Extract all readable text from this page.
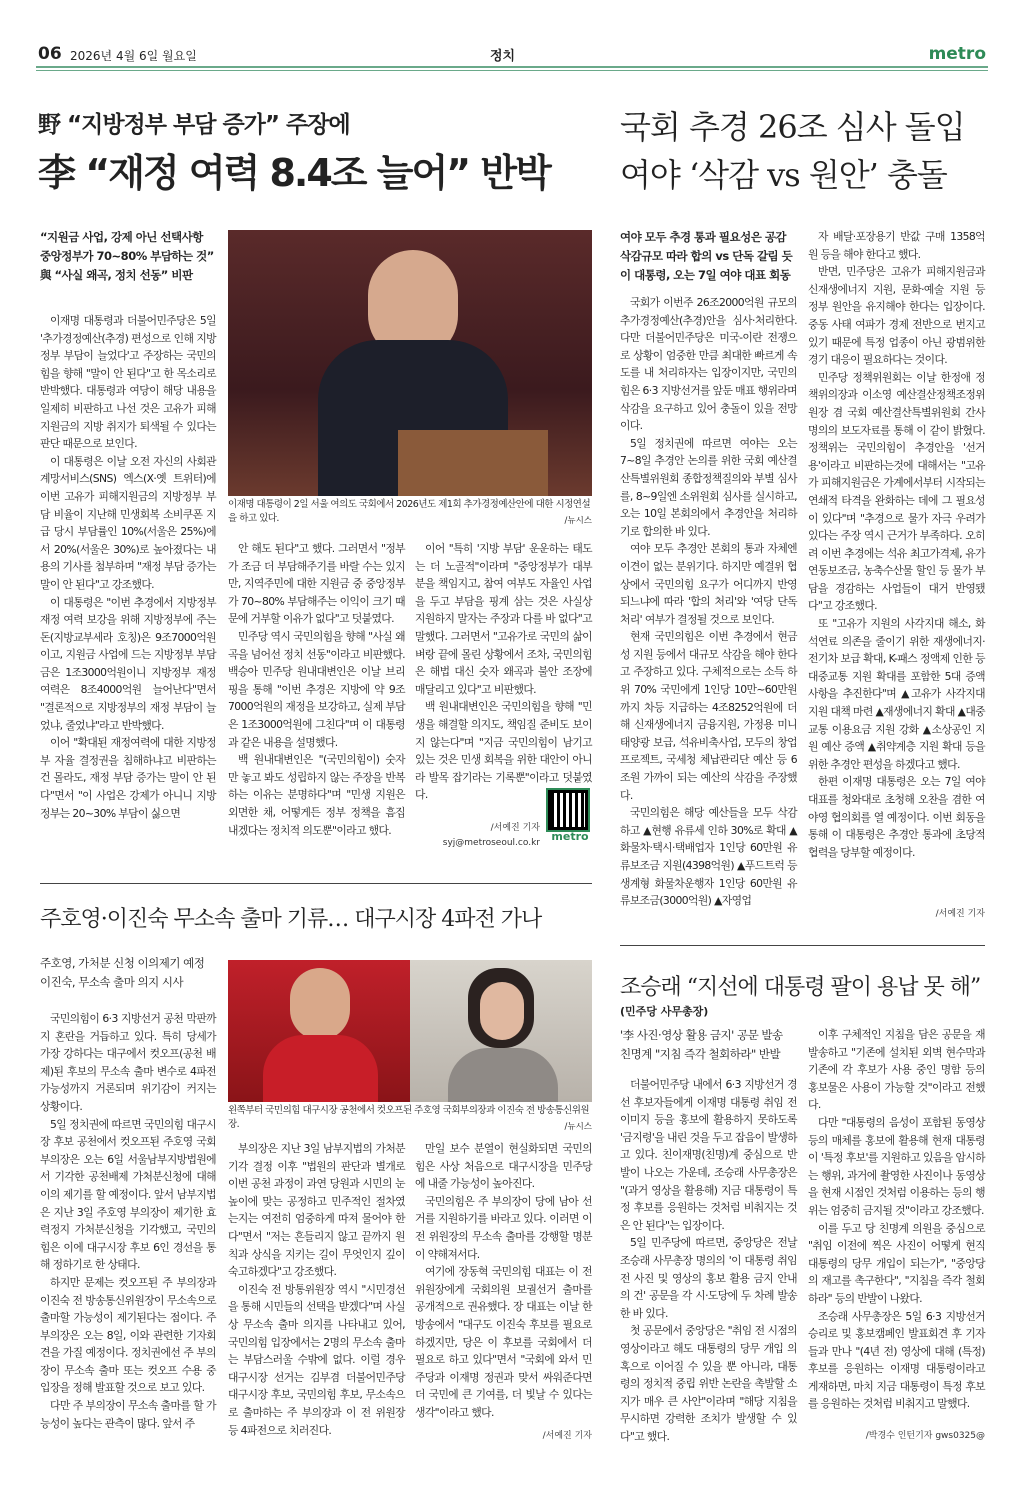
06 2026년 4월 6일 월요일	정치	metro
野 “지방정부 부담 증가” 주장에
李 “재정 여력 8.4조 늘어” 반박
“지원금 사업, 강제 아닌 선택사항
중앙정부가 70~80% 부담하는 것”
與 “사실 왜곡, 정치 선동” 비판

이재명 대통령과 더불어민주당은 5일 '추가경정예산(추경) 편성으로 인해 지방 정부 부담이 늘었다'고 주장하는 국민의힘을 향해 "말이 안 된다"고 한 목소리로 반박했다. 대통령과 여당이 해당 내용을 일제히 비판하고 나선 것은 고유가 피해지원금의 지방 취지가 퇴색될 수 있다는 판단 때문으로 보인다.

이 대통령은 이날 오전 자신의 사회관계망서비스(SNS) 엑스(X·옛 트위터)에 이번 고유가 피해지원금의 지방정부 부담 비율이 지난해 민생회복 소비쿠폰 지급 당시 부담률인 10%(서울은 25%)에서 20%(서울은 30%)로 높아졌다는 내용의 기사를 첨부하며 "재정 부담 증가는 말이 안 된다"고 강조했다.

이 대통령은 "이번 추경에서 지방정부 재정 여력 보강을 위해 지방정부에 주는 돈(지방교부세라 호칭)은 9조7000억원이고, 지원금 사업에 드는 지방정부 부담금은 1조3000억원이니 지방정부 재정여력은 8조4000억원 늘어난다"면서 "결론적으로 지방정부의 재정 부담이 늘었냐, 줄었냐"라고 반박했다.

이어 "확대된 재정여력에 대한 지방정부 자율 결정권을 침해하냐고 비판하는 건 몰라도, 재정 부담 증가는 말이 안 된다"면서 "이 사업은 강제가 아니니 지방정부는 20~30% 부담이 싫으면

이재명 대통령이 2일 서울 여의도 국회에서 2026년도 제1회 추가경정예산안에 대한 시정연설을 하고 있다.	/뉴시스

안 해도 된다"고 했다. 그러면서 "정부가 조금 더 부담해주기를 바랄 수는 있지만, 지역주민에 대한 지원금 중 중앙정부가 70~80% 부담해주는 이익이 크기 때문에 거부할 이유가 없다"고 덧붙였다.

민주당 역시 국민의힘을 향해 "사실 왜곡을 넘어선 정치 선동"이라고 비판했다. 백승아 민주당 원내대변인은 이날 브리핑을 통해 "이번 추경은 지방에 약 9조7000억원의 재정을 보강하고, 실제 부담은 1조3000억원에 그친다"며 이 대통령과 같은 내용을 설명했다.

백 원내대변인은 "(국민의힘이) 숫자만 놓고 봐도 성립하지 않는 주장을 반복하는 이유는 분명하다"며 "민생 지원은 외면한 채, 어떻게든 정부 정책을 흠집 내겠다는 정치적 의도뿐"이라고 했다.

이어 "특히 '지방 부담' 운운하는 태도는 더 노골적"이라며 "중앙정부가 대부분을 책임지고, 참여 여부도 자율인 사업을 두고 부담을 핑계 삼는 것은 사실상 지원하지 말자는 주장과 다를 바 없다"고 말했다. 그러면서 "고유가로 국민의 삶이 벼랑 끝에 몰린 상황에서 조차, 국민의힘은 해법 대신 숫자 왜곡과 불안 조장에 매달리고 있다"고 비판했다.

백 원내대변인은 국민의힘을 향해 "민생을 해결할 의지도, 책임질 준비도 보이지 않는다"며 "지금 국민의힘이 남기고 있는 것은 민생 회복을 위한 대안이 아니라 발목 잡기라는 기록뿐"이라고 덧붙였다.

/서예진 기자
syj@metroseoul.co.kr	metro
국회 추경 26조 심사 돌입
여야 ‘삭감 vs 원안’ 충돌
여야 모두 추경 통과 필요성은 공감
삭감규모 따라 합의 vs 단독 갈림 듯
이 대통령, 오는 7일 여야 대표 회동

국회가 이번주 26조2000억원 규모의 추가경정예산(추경)안을 심사·처리한다. 다만 더불어민주당은 미국-이란 전쟁으로 상황이 엄중한 만큼 최대한 빠르게 속도를 내 처리하자는 입장이지만, 국민의힘은 6·3 지방선거를 앞둔 매표 행위라며 삭감을 요구하고 있어 충돌이 있을 전망이다.

5일 정치권에 따르면 여야는 오는 7~8일 추경안 논의를 위한 국회 예산결산특별위원회 종합정책질의와 부별 심사를, 8~9일엔 소위원회 심사를 실시하고, 오는 10일 본회의에서 추경안을 처리하기로 합의한 바 있다.

여야 모두 추경안 본회의 통과 자체엔 이견이 없는 분위기다. 하지만 예결위 협상에서 국민의힘 요구가 어디까지 반영되느냐에 따라 '합의 처리'와 '여당 단독 처리' 여부가 결정될 것으로 보인다.

현재 국민의힘은 이번 추경에서 현금성 지원 등에서 대규모 삭감을 해야 한다고 주장하고 있다. 구체적으로는 소득 하위 70% 국민에게 1인당 10만~60만원까지 차등 지급하는 4조8252억원에 더해 신재생에너지 금융지원, 가정용 미니태양광 보급, 석유비축사업, 모두의 창업 프로젝트, 국세청 체납관리단 예산 등 6조원 가까이 되는 예산의 삭감을 주장했다.

국민의힘은 해당 예산들을 모두 삭감하고 ▲현행 유류세 인하 30%로 확대 ▲화물차·택시·택배업자 1인당 60만원 유류보조금 지원(4398억원) ▲푸드트럭 등 생계형 화물차운행자 1인당 60만원 유류보조금(3000억원) ▲자영업

자 배달·포장용기 반값 구매 1358억원 등을 해야 한다고 했다.

반면, 민주당은 고유가 피해지원금과 신재생에너지 지원, 문화·예술 지원 등 정부 원안을 유지해야 한다는 입장이다. 중동 사태 여파가 경제 전반으로 번지고 있기 때문에 특정 업종이 아닌 광범위한 경기 대응이 필요하다는 것이다.

민주당 정책위원회는 이날 한정애 정책위의장과 이소영 예산결산정책조정위원장 겸 국회 예산결산특별위원회 간사 명의의 보도자료를 통해 이 같이 밝혔다. 정책위는 국민의힘이 추경안을 '선거용'이라고 비판하는것에 대해서는 "고유가 피해지원금은 가계에서부터 시작되는 연쇄적 타격을 완화하는 데에 그 필요성이 있다"며 "추경으로 물가 자극 우려가 있다는 주장 역시 근거가 부족하다. 오히려 이번 추경에는 석유 최고가격제, 유가연동보조금, 농축수산물 할인 등 물가 부담을 경감하는 사업들이 대거 반영됐다"고 강조했다.

또 "고유가 지원의 사각지대 해소, 화석연료 의존을 줄이기 위한 재생에너지·전기차 보급 확대, K-패스 정액제 인한 등 대중교통 지원 확대를 포함한 5대 증액사항을 추진한다"며 ▲고유가 사각지대 지원 대책 마련 ▲재생에너지 확대 ▲대중교통 이용요금 지원 강화 ▲소상공인 지원 예산 증액 ▲취약계층 지원 확대 등을 위한 추경안 편성을 하겠다고 했다.

한편 이재명 대통령은 오는 7일 여야 대표를 청와대로 초청해 오찬을 겸한 여야영 협의회를 열 예정이다. 이번 회동을 통해 이 대통령은 추경안 통과에 초당적 협력을 당부할 예정이다.

/서예진 기자
주호영·이진숙 무소속 출마 기류… 대구시장 4파전 가나
주호영, 가처분 신청 이의제기 예정
이진숙, 무소속 출마 의지 시사

국민의힘이 6·3 지방선거 공천 막판까지 혼란을 거듭하고 있다. 특히 당세가 가장 강하다는 대구에서 컷오프(공천 배제)된 후보의 무소속 출마 변수로 4파전 가능성까지 거론되며 위기감이 커지는 상황이다.

5일 정치권에 따르면 국민의힘 대구시장 후보 공천에서 컷오프된 주호영 국회부의장은 오는 6일 서울남부지방법원에서 기각한 공천배제 가처분신청에 대해 이의 제기를 할 예정이다. 앞서 남부지법은 지난 3일 주호영 부의장이 제기한 효력정지 가처분신청을 기각했고, 국민의힘은 이에 대구시장 후보 6인 경선을 통해 정하기로 한 상태다.

하지만 문제는 컷오프된 주 부의장과 이진숙 전 방송통신위원장이 무소속으로 출마할 가능성이 제기된다는 점이다. 주 부의장은 오는 8일, 이와 관련한 기자회견을 가질 예정이다. 정치권에선 주 부의장이 무소속 출마 또는 컷오프 수용 중 입장을 정해 발표할 것으로 보고 있다.

다만 주 부의장이 무소속 출마를 할 가능성이 높다는 관측이 많다. 앞서 주

왼쪽부터 국민의힘 대구시장 공천에서 컷오프된 주호영 국회부의장과 이진숙 전 방송통신위원장.	/뉴시스

부의장은 지난 3일 남부지법의 가처분기각 결정 이후 "법원의 판단과 별개로 이번 공천 과정이 과연 당원과 시민의 눈높이에 맞는 공정하고 민주적인 절차였는지는 여전히 엄중하게 따져 물어야 한다"면서 "저는 흔들리지 않고 끝까지 원칙과 상식을 지키는 길이 무엇인지 깊이 숙고하겠다"고 강조했다.

이진숙 전 방통위원장 역시 "시민경선을 통해 시민들의 선택을 받겠다"며 사실상 무소속 출마 의지를 나타내고 있어, 국민의힘 입장에서는 2명의 무소속 출마는 부담스러울 수밖에 없다. 이럴 경우 대구시장 선거는 김부겸 더불어민주당 대구시장 후보, 국민의힘 후보, 무소속으로 출마하는 주 부의장과 이 전 위원장 등 4파전으로 치러진다.

만일 보수 분열이 현실화되면 국민의힘은 사상 처음으로 대구시장을 민주당에 내줄 가능성이 높아진다.

국민의힘은 주 부의장이 당에 남아 선거를 지원하기를 바라고 있다. 이러면 이 전 위원장의 무소속 출마를 강행할 명분이 약해져서다.

여기에 장동혁 국민의힘 대표는 이 전 위원장에게 국회의원 보궐선거 출마를 공개적으로 권유했다. 장 대표는 이날 한 방송에서 "대구도 이진숙 후보를 필요로 하겠지만, 당은 이 후보를 국회에서 더 필요로 하고 있다"면서 "국회에 와서 민주당과 이재명 정권과 맞서 싸워준다면 더 국민에 큰 기여를, 더 빛날 수 있다는 생각"이라고 했다.

/서예진 기자
조승래 “지선에 대통령 팔이 용납 못 해”
(민주당 사무총장)
'李 사진·영상 활용 금지' 공문 발송
친명계 "지침 즉각 철회하라" 반발

더불어민주당 내에서 6·3 지방선거 경선 후보자들에게 이재명 대통령 취임 전 이미지 등을 홍보에 활용하지 못하도록 '금지령'을 내린 것을 두고 잡음이 발생하고 있다. 친이재명(친명)계 중심으로 반발이 나오는 가운데, 조승래 사무총장은 "(과거 영상을 활용해) 지금 대통령이 특정 후보를 응원하는 것처럼 비춰지는 것은 안 된다"는 입장이다.

5일 민주당에 따르면, 중앙당은 전날 조승래 사무총장 명의의 '이 대통령 취임 전 사진 및 영상의 홍보 활용 금지 안내의 건' 공문을 각 시·도당에 두 차례 발송한 바 있다.

첫 공문에서 중앙당은 "취임 전 시점의 영상이라고 해도 대통령의 당무 개입 의혹으로 이어질 수 있을 뿐 아니라, 대통령의 정치적 중립 위반 논란을 촉발할 소지가 매우 큰 사안"이라며 "해당 지침을 무시하면 강력한 조치가 발생할 수 있다"고 했다.

이후 구체적인 지침을 담은 공문을 재발송하고 "기존에 설치된 외벽 현수막과 기존에 각 후보가 사용 중인 명함 등의 홍보물은 사용이 가능할 것"이라고 전했다.

다만 "대통령의 음성이 포함된 동영상 등의 매체를 홍보에 활용해 현재 대통령이 '특정 후보'를 지원하고 있음을 암시하는 행위, 과거에 촬영한 사진이나 동영상을 현재 시점인 것처럼 이용하는 등의 행위는 엄중히 금지될 것"이라고 강조했다.

이를 두고 당 친명계 의원을 중심으로 "취임 이전에 찍은 사진이 어떻게 현직 대통령의 당무 개입이 되는가", "중앙당의 재고를 촉구한다", "지침을 즉각 철회하라" 등의 반발이 나왔다.

조승래 사무총장은 5일 6·3 지방선거 승리로 및 홍보캠페인 발표회견 후 기자들과 만나 "(4년 전) 영상에 대해 (특정) 후보를 응원하는 이재명 대통령이라고 게재하면, 마치 지금 대통령이 특정 후보를 응원하는 것처럼 비춰지고 말했다.

/박경수 인턴기자 gws0325@
